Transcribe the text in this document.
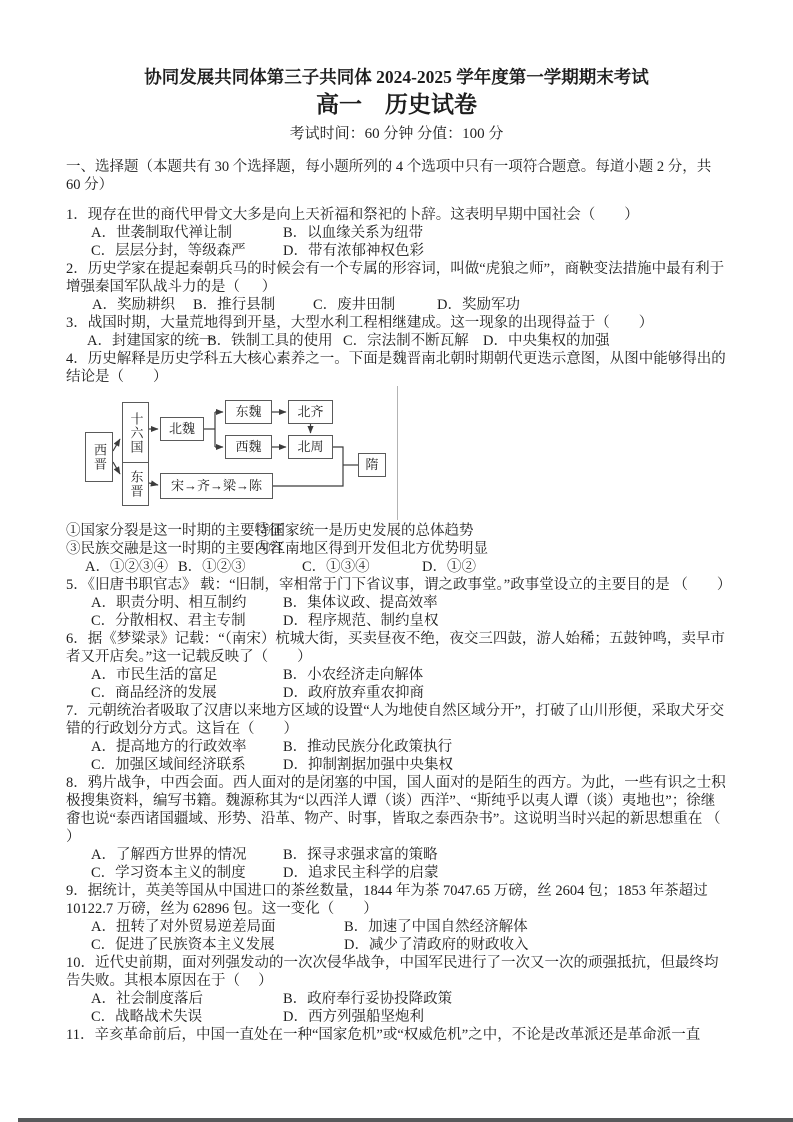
协同发展共同体第三子共同体 2024-2025 学年度第一学期期末考试
高一　历史试卷
考试时间：60 分钟 分值：100 分
一、选择题（本题共有 30 个选择题，每小题所列的 4 个选项中只有一项符合题意。每道小题 2 分，共 60 分）

1．现存在世的商代甲骨文大多是向上天祈福和祭祀的卜辞。这表明早期中国社会（        ）

A．世袭制取代禅让制	B．以血缘关系为纽带
C．层层分封，等级森严	D．带有浓郁神权色彩

2．历史学家在提起秦朝兵马的时候会有一个专属的形容词，叫做“虎狼之师”，商鞅变法措施中最有利于增强秦国军队战斗力的是（      ）

A．奖励耕织	B．推行县制	C．废井田制	D．奖励军功

3．战国时期，大量荒地得到开垦，大型水利工程相继建成。这一现象的出现得益于（        ）

A．封建国家的统一
B．铁制工具的使用 C．宗法制不断瓦解 D．中央集权的加强

4．历史解释是历史学科五大核心素养之一。下面是魏晋南北朝时期朝代更迭示意图，从图中能够得出的结论是（        ）

西晋
十六国
东晋
北魏
东魏	北齐
西魏	北周
宋→齐→梁→陈
隋
①国家分裂是这一时期的主要特征
②国家统一是历史发展的总体趋势
③民族交融是这一时期的主要内容
④江南地区得到开发但北方优势明显
A．①②③④ B．①②③	C．①③④	D．①②

5．《旧唐书职官志》 载：“旧制，宰相常于门下省议事，谓之政事堂。”政事堂设立的主要目的是 （        ）

A．职责分明、相互制约	B．集体议政、提高效率
C．分散相权、君主专制	D．程序规范、制约皇权

6．据《梦粱录》记载：“（南宋）杭城大街，买卖昼夜不绝，夜交三四鼓，游人始稀；五鼓钟鸣，卖早市者又开店矣。”这一记载反映了（        ）

A．市民生活的富足	B．小农经济走向解体
C．商品经济的发展	D．政府放弃重农抑商

7．元朝统治者吸取了汉唐以来地方区域的设置“人为地使自然区域分开”，打破了山川形便，采取犬牙交错的行政划分方式。这旨在（        ）

A．提高地方的行政效率	B．推动民族分化政策执行
C．加强区域间经济联系	D．抑制割据加强中央集权

8．鸦片战争，中西会面。西人面对的是闭塞的中国，国人面对的是陌生的西方。为此，一些有识之士积极搜集资料，编写书籍。魏源称其为“以西洋人谭（谈）西洋”、“斯纯乎以夷人谭（谈）夷地也”；徐继畬也说“泰西诸国疆域、形势、沿革、物产、时事，皆取之泰西杂书”。这说明当时兴起的新思想重在 （        ）

A．了解西方世界的情况	B．探寻求强求富的策略
C．学习资本主义的制度	D．追求民主科学的启蒙

9．据统计，英美等国从中国进口的茶丝数量，1844 年为茶 7047.65 万磅，丝 2604 包；1853 年茶超过 10122.7 万磅，丝为 62896 包。这一变化（        ）

A．扭转了对外贸易逆差局面	B．加速了中国自然经济解体
C．促进了民族资本主义发展	D．减少了清政府的财政收入

10．近代史前期，面对列强发动的一次次侵华战争，中国军民进行了一次又一次的顽强抵抗，但最终均告失败。其根本原因在于（     ）

A．社会制度落后	B．政府奉行妥协投降政策
C．战略战术失误	D．西方列强船坚炮利

11．辛亥革命前后，中国一直处在一种“国家危机”或“权威危机”之中，不论是改革派还是革命派一直
